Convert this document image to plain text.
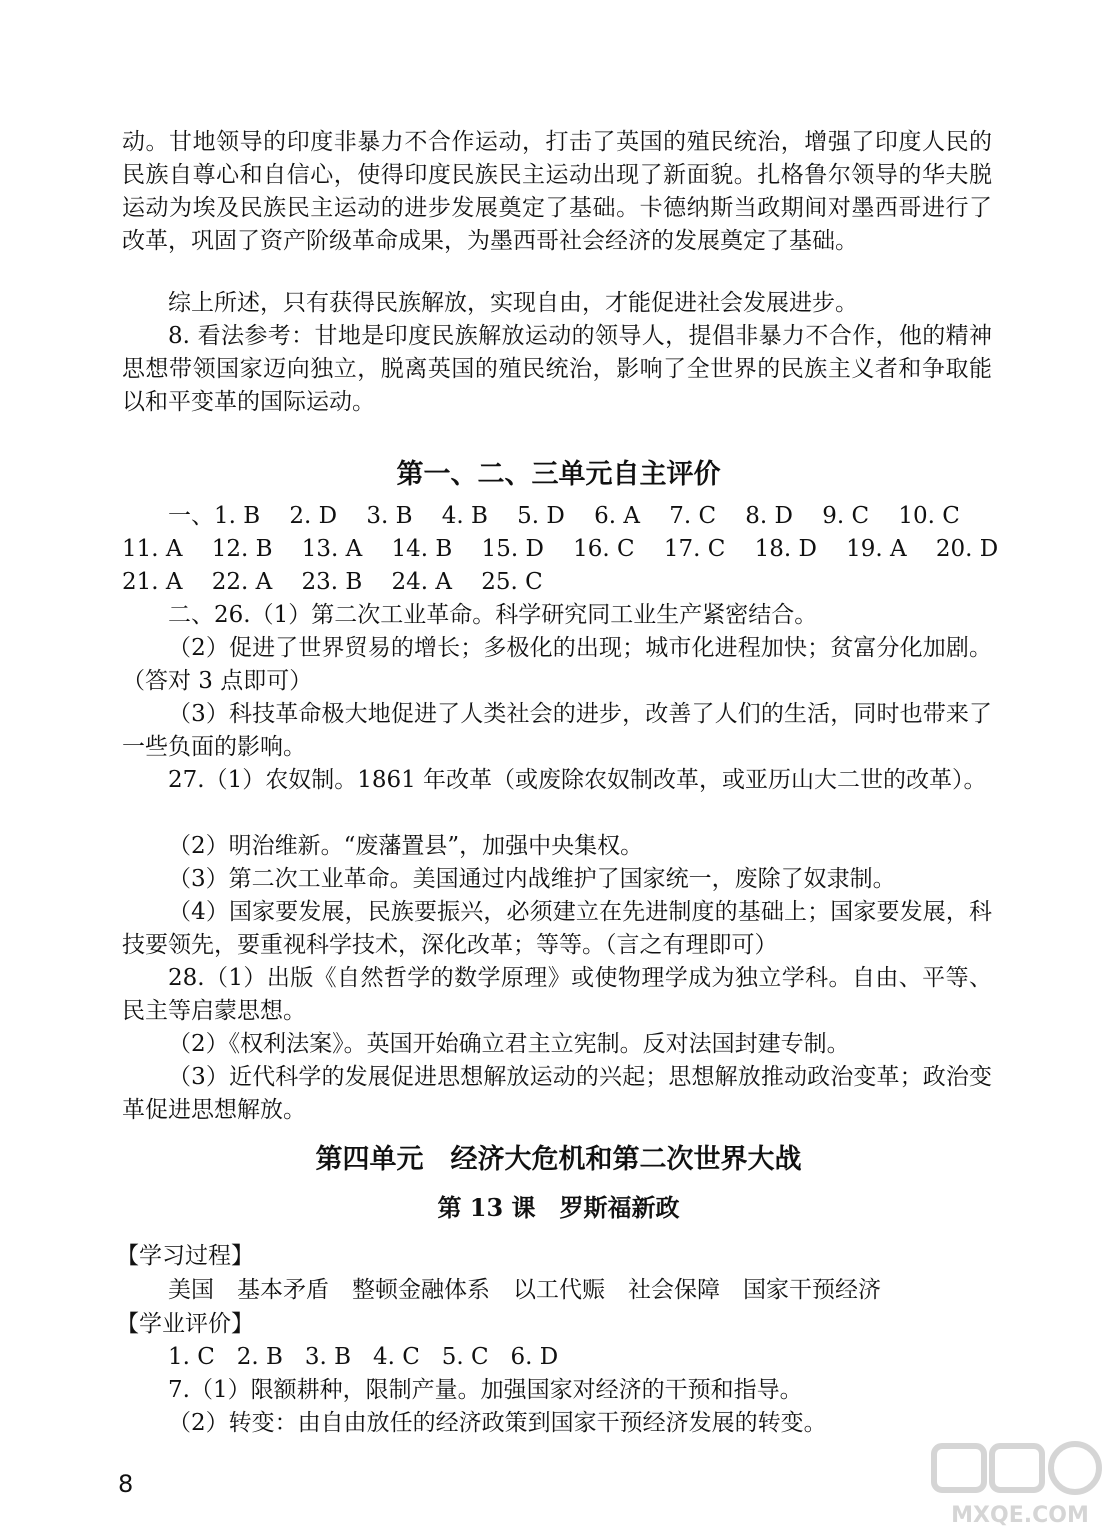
动。甘地领导的印度非暴力不合作运动，打击了英国的殖民统治，增强了印度人民的民族自尊心和自信心，使得印度民族民主运动出现了新面貌。扎格鲁尔领导的华夫脱运动为埃及民族民主运动的进步发展奠定了基础。卡德纳斯当政期间对墨西哥进行了改革，巩固了资产阶级革命成果，为墨西哥社会经济的发展奠定了基础。
综上所述，只有获得民族解放，实现自由，才能促进社会发展进步。
8. 看法参考：甘地是印度民族解放运动的领导人，提倡非暴力不合作，他的精神思想带领国家迈向独立，脱离英国的殖民统治，影响了全世界的民族主义者和争取能以和平变革的国际运动。
第一、二、三单元自主评价
一、1. B    2. D    3. B    4. B    5. D    6. A    7. C    8. D    9. C    10. C
11. A    12. B    13. A    14. B    15. D    16. C    17. C    18. D    19. A    20. D
21. A    22. A    23. B    24. A    25. C
二、26.（1）第二次工业革命。科学研究同工业生产紧密结合。
（2）促进了世界贸易的增长；多极化的出现；城市化进程加快；贫富分化加剧。（答对 3 点即可）
（3）科技革命极大地促进了人类社会的进步，改善了人们的生活，同时也带来了一些负面的影响。
27.（1）农奴制。1861 年改革（或废除农奴制改革，或亚历山大二世的改革）。
（2）明治维新。“废藩置县”，加强中央集权。
（3）第二次工业革命。美国通过内战维护了国家统一，废除了奴隶制。
（4）国家要发展，民族要振兴，必须建立在先进制度的基础上；国家要发展，科技要领先，要重视科学技术，深化改革；等等。（言之有理即可）
28.（1）出版《自然哲学的数学原理》或使物理学成为独立学科。自由、平等、民主等启蒙思想。
（2）《权利法案》。英国开始确立君主立宪制。反对法国封建专制。
（3）近代科学的发展促进思想解放运动的兴起；思想解放推动政治变革；政治变革促进思想解放。
第四单元　经济大危机和第二次世界大战
第 13 课　罗斯福新政
【学习过程】
美国　基本矛盾　整顿金融体系　以工代赈　社会保障　国家干预经济
【学业评价】
1. C   2. B   3. B   4. C   5. C   6. D
7.（1）限额耕种，限制产量。加强国家对经济的干预和指导。
（2）转变：由自由放任的经济政策到国家干预经济发展的转变。
8
MXQE.COM
